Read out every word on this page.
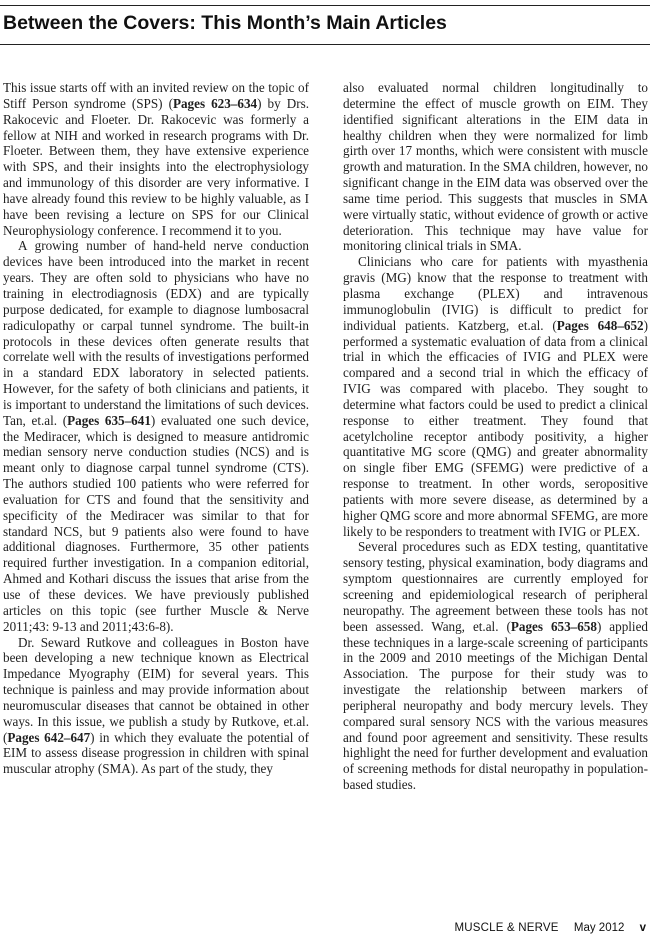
Between the Covers: This Month’s Main Articles

This issue starts off with an invited review on the topic of Stiff Person syndrome (SPS) (Pages 623–634) by Drs. Rakocevic and Floeter. Dr. Rakocevic was formerly a fellow at NIH and worked in research programs with Dr. Floeter. Between them, they have extensive experience with SPS, and their insights into the electrophysiology and immunology of this disorder are very informative. I have already found this review to be highly valuable, as I have been revising a lecture on SPS for our Clinical Neurophysiology conference. I recommend it to you.

A growing number of hand-held nerve conduction devices have been introduced into the market in recent years. They are often sold to physicians who have no training in electrodiagnosis (EDX) and are typically purpose dedicated, for example to diagnose lumbosacral radiculopathy or carpal tunnel syndrome. The built-in protocols in these devices often generate results that correlate well with the results of investigations performed in a standard EDX laboratory in selected patients. However, for the safety of both clinicians and patients, it is important to understand the limitations of such devices. Tan, et.al. (Pages 635–641) evaluated one such device, the Mediracer, which is designed to measure antidromic median sensory nerve conduction studies (NCS) and is meant only to diagnose carpal tunnel syndrome (CTS). The authors studied 100 patients who were referred for evaluation for CTS and found that the sensitivity and specificity of the Mediracer was similar to that for standard NCS, but 9 patients also were found to have additional diagnoses. Furthermore, 35 other patients required further investigation. In a companion editorial, Ahmed and Kothari discuss the issues that arise from the use of these devices. We have previously published articles on this topic (see further Muscle & Nerve 2011;43: 9-13 and 2011;43:6-8).

Dr. Seward Rutkove and colleagues in Boston have been developing a new technique known as Electrical Impedance Myography (EIM) for several years. This technique is painless and may provide information about neuromuscular diseases that cannot be obtained in other ways. In this issue, we publish a study by Rutkove, et.al. (Pages 642–647) in which they evaluate the potential of EIM to assess disease progression in children with spinal muscular atrophy (SMA). As part of the study, they

also evaluated normal children longitudinally to determine the effect of muscle growth on EIM. They identified significant alterations in the EIM data in healthy children when they were normalized for limb girth over 17 months, which were consistent with muscle growth and maturation. In the SMA children, however, no significant change in the EIM data was observed over the same time period. This suggests that muscles in SMA were virtually static, without evidence of growth or active deterioration. This technique may have value for monitoring clinical trials in SMA.

Clinicians who care for patients with myasthenia gravis (MG) know that the response to treatment with plasma exchange (PLEX) and intravenous immunoglobulin (IVIG) is difficult to predict for individual patients. Katzberg, et.al. (Pages 648–652) performed a systematic evaluation of data from a clinical trial in which the efficacies of IVIG and PLEX were compared and a second trial in which the efficacy of IVIG was compared with placebo. They sought to determine what factors could be used to predict a clinical response to either treatment. They found that acetylcholine receptor antibody positivity, a higher quantitative MG score (QMG) and greater abnormality on single fiber EMG (SFEMG) were predictive of a response to treatment. In other words, seropositive patients with more severe disease, as determined by a higher QMG score and more abnormal SFEMG, are more likely to be responders to treatment with IVIG or PLEX.

Several procedures such as EDX testing, quantitative sensory testing, physical examination, body diagrams and symptom questionnaires are currently employed for screening and epidemiological research of peripheral neuropathy. The agreement between these tools has not been assessed. Wang, et.al. (Pages 653–658) applied these techniques in a large-scale screening of participants in the 2009 and 2010 meetings of the Michigan Dental Association. The purpose for their study was to investigate the relationship between markers of peripheral neuropathy and body mercury levels. They compared sural sensory NCS with the various measures and found poor agreement and sensitivity. These results highlight the need for further development and evaluation of screening methods for distal neuropathy in population-based studies.

MUSCLE & NERVE May 2012 v
